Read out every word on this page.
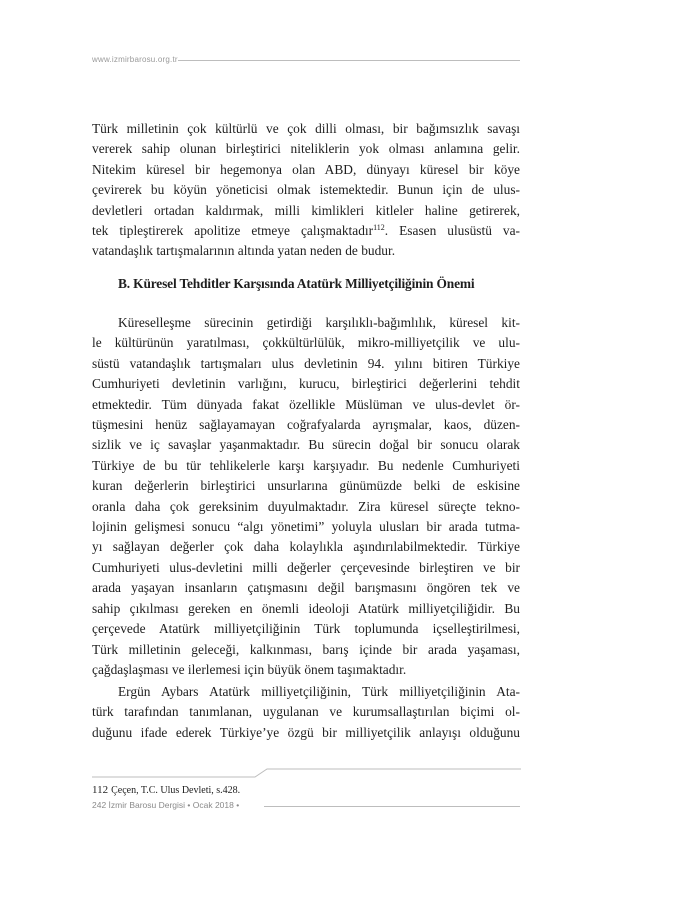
www.izmirbarosu.org.tr
Türk milletinin çok kültürlü ve çok dilli olması, bir bağımsızlık savaşı
vererek sahip olunan birleştirici niteliklerin yok olması anlamına gelir.
Nitekim küresel bir hegemonya olan ABD, dünyayı küresel bir köye
çevirerek bu köyün yöneticisi olmak istemektedir. Bunun için de ulus-
devletleri ortadan kaldırmak, milli kimlikleri kitleler haline getirerek,
tek tipleştirerek apolitize etmeye çalışmaktadır$^{112}$. Esasen ulusüstü va-
vatandaşlık tartışmalarının altında yatan neden de budur.
B. Küresel Tehditler Karşısında Atatürk Milliyetçiliğinin Önemi
Küreselleşme sürecinin getirdiği karşılıklı-bağımlılık, küresel kit-
le kültürünün yaratılması, çokkültürlülük, mikro-milliyetçilik ve ulu-
süstü vatandaşlık tartışmaları ulus devletinin 94. yılını bitiren Türkiye
Cumhuriyeti devletinin varlığını, kurucu, birleştirici değerlerini tehdit
etmektedir. Tüm dünyada fakat özellikle Müslüman ve ulus-devlet ör-
tüşmesini henüz sağlayamayan coğrafyalarda ayrışmalar, kaos, düzen-
sizlik ve iç savaşlar yaşanmaktadır. Bu sürecin doğal bir sonucu olarak
Türkiye de bu tür tehlikelerle karşı karşıyadır. Bu nedenle Cumhuriyeti
kuran değerlerin birleştirici unsurlarına günümüzde belki de eskisine
oranla daha çok gereksinim duyulmaktadır. Zira küresel süreçte tekno-
lojinin gelişmesi sonucu “algı yönetimi” yoluyla ulusları bir arada tutma-
yı sağlayan değerler çok daha kolaylıkla aşındırılabilmektedir. Türkiye
Cumhuriyeti ulus-devletini milli değerler çerçevesinde birleştiren ve bir
arada yaşayan insanların çatışmasını değil barışmasını öngören tek ve
sahip çıkılması gereken en önemli ideoloji Atatürk milliyetçiliğidir. Bu
çerçevede Atatürk milliyetçiliğinin Türk toplumunda içselleştirilmesi,
Türk milletinin geleceği, kalkınması, barış içinde bir arada yaşaması,
çağdaşlaşması ve ilerlemesi için büyük önem taşımaktadır.
Ergün Aybars Atatürk milliyetçiliğinin, Türk milliyetçiliğinin Ata-
türk tarafından tanımlanan, uygulanan ve kurumsallaştırılan biçimi ol-
duğunu ifade ederek Türkiye’ye özgü bir milliyetçilik anlayışı olduğunu
112 Çeçen, T.C. Ulus Devleti, s.428.
242 İzmir Barosu Dergisi • Ocak 2018 •
